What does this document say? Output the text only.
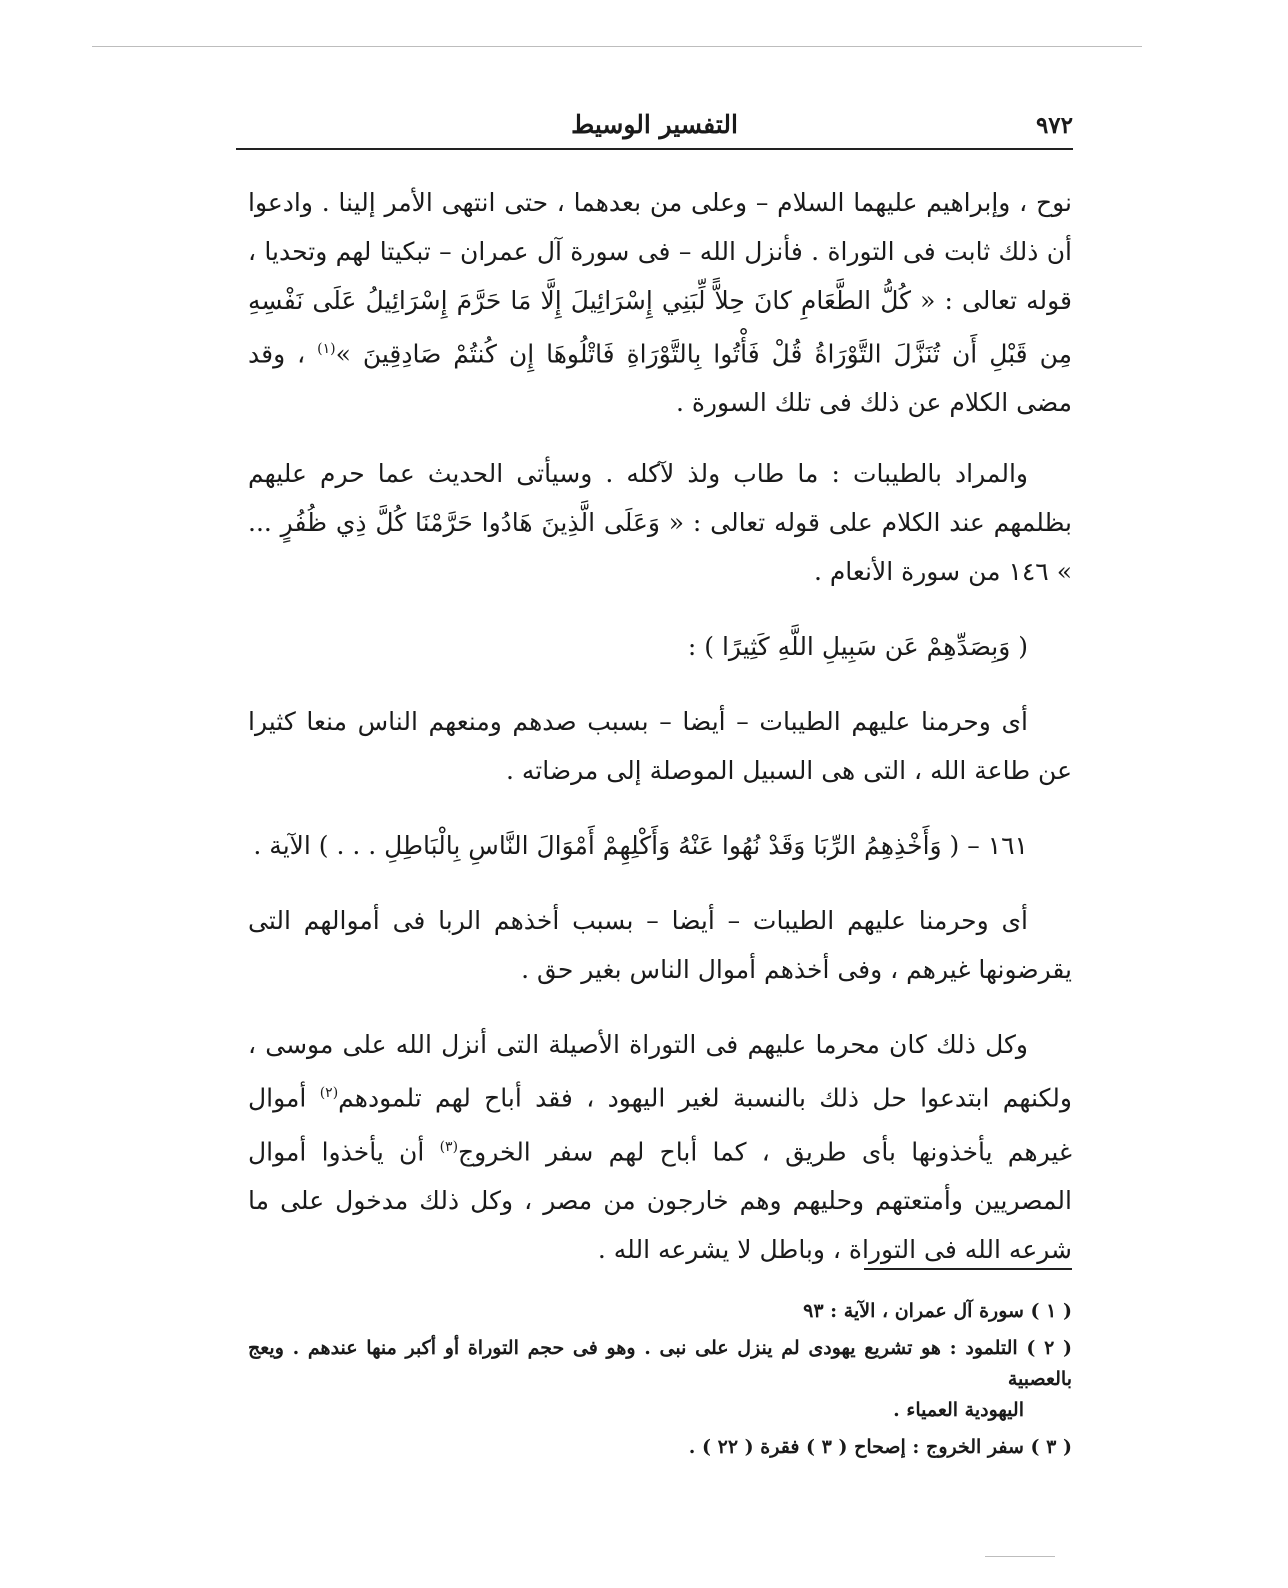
٩٧٢
التفسير الوسيط

نوح ، وإبراهيم عليهما السلام – وعلى من بعدهما ، حتى انتهى الأمر إلينا . وادعوا أن ذلك ثابت فى التوراة . فأنزل الله – فى سورة آل عمران – تبكيتا لهم وتحديا ، قوله تعالى : « كُلُّ الطَّعَامِ كانَ حِلاًّ لِّبَنِي إِسْرَائِيلَ إِلَّا مَا حَرَّمَ إِسْرَائِيلُ عَلَى نَفْسِهِ مِن قَبْلِ أَن تُنَزَّلَ التَّوْرَاةُ قُلْ فَأْتُوا بِالتَّوْرَاةِ فَاتْلُوهَا إِن كُنتُمْ صَادِقِينَ »$^{(١)}$ ، وقد مضى الكلام عن ذلك فى تلك السورة .

والمراد بالطيبات : ما طاب ولذ لآكله . وسيأتى الحديث عما حرم عليهم بظلمهم عند الكلام على قوله تعالى : « وَعَلَى الَّذِينَ هَادُوا حَرَّمْنَا كُلَّ ذِي ظُفُرٍ ... » ١٤٦ من سورة الأنعام .

( وَبِصَدِّهِمْ عَن سَبِيلِ اللَّهِ كَثِيرًا ) :

أى وحرمنا عليهم الطيبات – أيضا – بسبب صدهم ومنعهم الناس منعا كثيرا عن طاعة الله ، التى هى السبيل الموصلة إلى مرضاته .

١٦١ – ( وَأَخْذِهِمُ الرِّبَا وَقَدْ نُهُوا عَنْهُ وَأَكْلِهِمْ أَمْوَالَ النَّاسِ بِالْبَاطِلِ . . . ) الآية .

أى وحرمنا عليهم الطيبات – أيضا – بسبب أخذهم الربا فى أموالهم التى يقرضونها غيرهم ، وفى أخذهم أموال الناس بغير حق .

وكل ذلك كان محرما عليهم فى التوراة الأصيلة التى أنزل الله على موسى ، ولكنهم ابتدعوا حل ذلك بالنسبة لغير اليهود ، فقد أباح لهم تلمودهم$^{(٢)}$ أموال غيرهم يأخذونها بأى طريق ، كما أباح لهم سفر الخروج$^{(٣)}$ أن يأخذوا أموال المصريين وأمتعتهم وحليهم وهم خارجون من مصر ، وكل ذلك مدخول على ما شرعه الله فى التوراة ، وباطل لا يشرعه الله .

( ١ ) سورة آل عمران ، الآية : ٩٣

( ٢ ) التلمود : هو تشريع يهودى لم ينزل على نبى . وهو فى حجم التوراة أو أكبر منها عندهم . ويعج بالعصبية
اليهودية العمياء .

( ٣ ) سفر الخروج : إصحاح ( ٣ ) فقرة ( ٢٢ ) .
